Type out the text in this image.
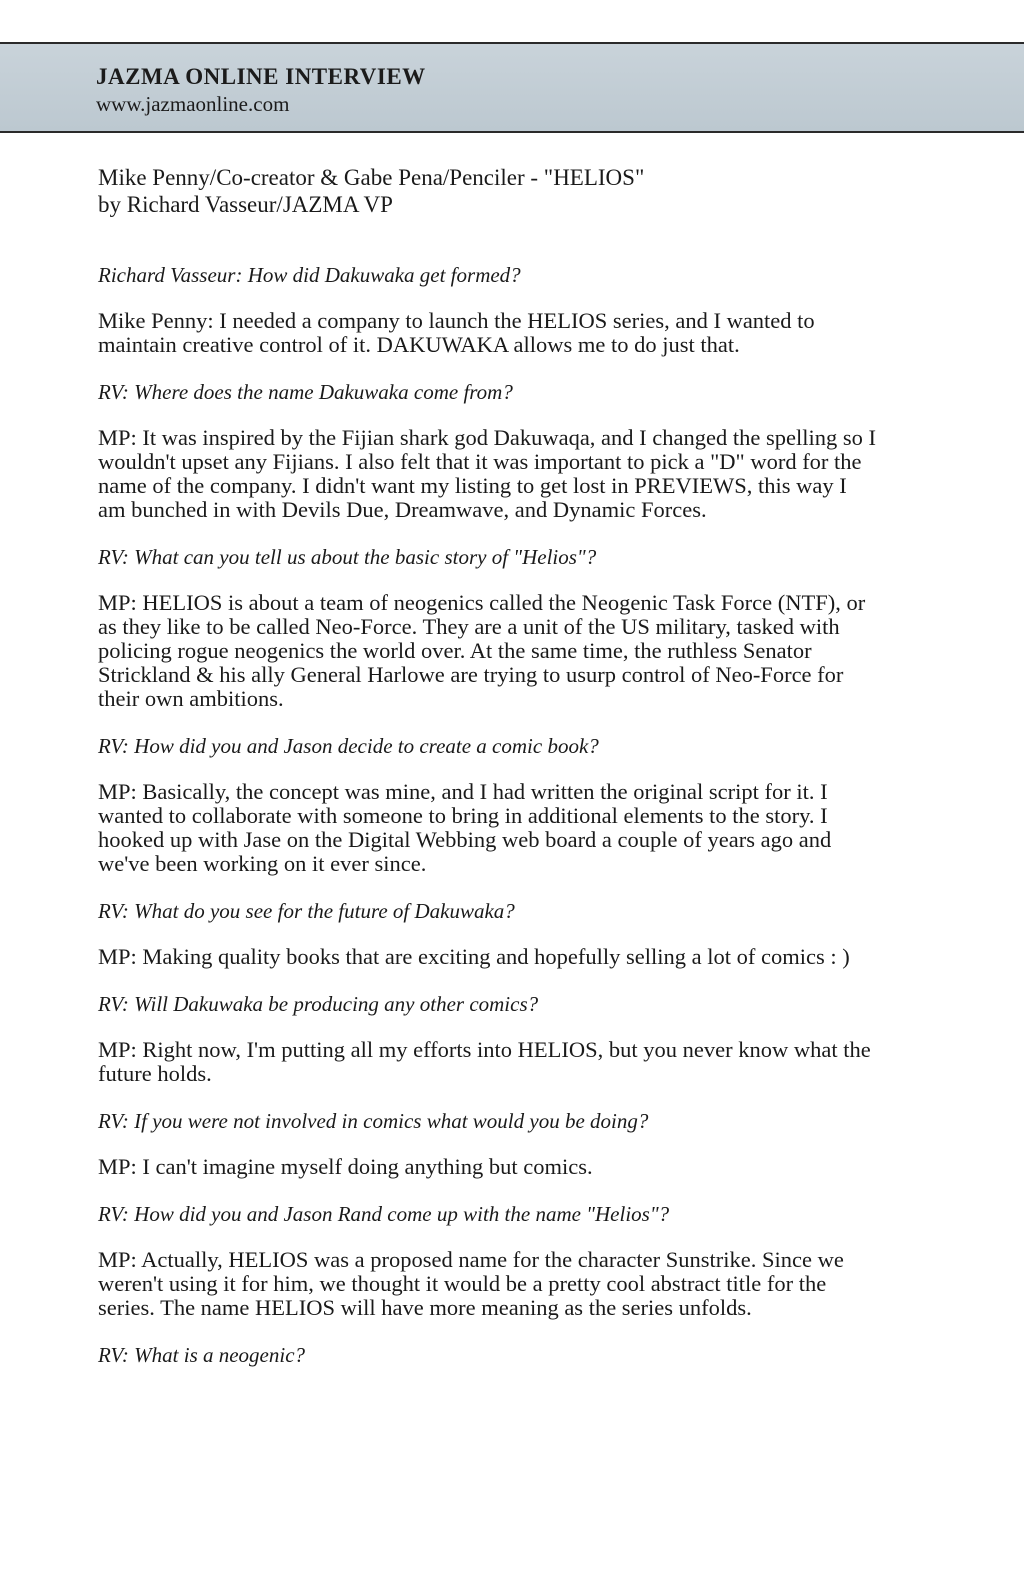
JAZMA ONLINE INTERVIEW
www.jazmaonline.com
Mike Penny/Co-creator & Gabe Pena/Penciler - "HELIOS"
by Richard Vasseur/JAZMA VP

Richard Vasseur: How did Dakuwaka get formed?

Mike Penny: I needed a company to launch the HELIOS series, and I wanted to maintain creative control of it. DAKUWAKA allows me to do just that.

RV: Where does the name Dakuwaka come from?

MP: It was inspired by the Fijian shark god Dakuwaqa, and I changed the spelling so I wouldn't upset any Fijians. I also felt that it was important to pick a "D" word for the name of the company. I didn't want my listing to get lost in PREVIEWS, this way I am bunched in with Devils Due, Dreamwave, and Dynamic Forces.

RV: What can you tell us about the basic story of "Helios"?

MP: HELIOS is about a team of neogenics called the Neogenic Task Force (NTF), or as they like to be called Neo-Force. They are a unit of the US military, tasked with policing rogue neogenics the world over. At the same time, the ruthless Senator Strickland & his ally General Harlowe are trying to usurp control of Neo-Force for their own ambitions.

RV: How did you and Jason decide to create a comic book?

MP: Basically, the concept was mine, and I had written the original script for it. I wanted to collaborate with someone to bring in additional elements to the story. I hooked up with Jase on the Digital Webbing web board a couple of years ago and we've been working on it ever since.

RV: What do you see for the future of Dakuwaka?

MP: Making quality books that are exciting and hopefully selling a lot of comics : )

RV: Will Dakuwaka be producing any other comics?

MP: Right now, I'm putting all my efforts into HELIOS, but you never know what the future holds.

RV: If you were not involved in comics what would you be doing?

MP: I can't imagine myself doing anything but comics.

RV: How did you and Jason Rand come up with the name "Helios"?

MP: Actually, HELIOS was a proposed name for the character Sunstrike. Since we weren't using it for him, we thought it would be a pretty cool abstract title for the series. The name HELIOS will have more meaning as the series unfolds.

RV: What is a neogenic?
